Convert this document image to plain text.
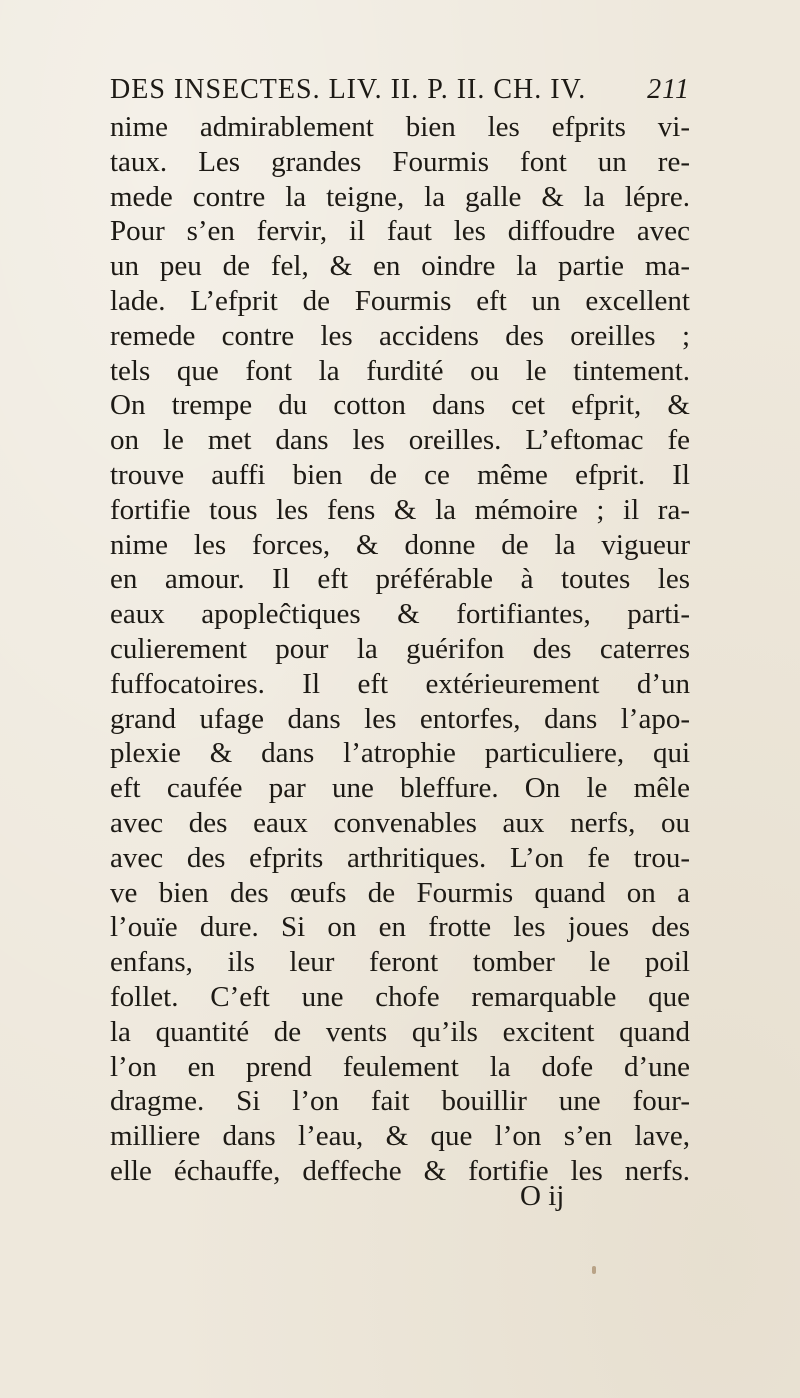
DES INSECTES. LIV. II. P. II. CH. IV. 211
nime admirablement bien les efprits vi-
taux. Les grandes Fourmis font un re-
mede contre la teigne, la galle & la lépre.
Pour s’en fervir, il faut les diffoudre avec
un peu de fel, & en oindre la partie ma-
lade. L’efprit de Fourmis eft un excellent
remede contre les accidens des oreilles ;
tels que font la furdité ou le tintement.
On trempe du cotton dans cet efprit, &
on le met dans les oreilles. L’eftomac fe
trouve auffi bien de ce même efprit. Il
fortifie tous les fens & la mémoire ; il ra-
nime les forces, & donne de la vigueur
en amour. Il eft préférable à toutes les
eaux apopleĉtiques & fortifiantes, parti-
culierement pour la guérifon des caterres
fuffocatoires. Il eft extérieurement d’un
grand ufage dans les entorfes, dans l’apo-
plexie & dans l’atrophie particuliere, qui
eft caufée par une bleffure. On le mêle
avec des eaux convenables aux nerfs, ou
avec des efprits arthritiques. L’on fe trou-
ve bien des œufs de Fourmis quand on a
l’ouïe dure. Si on en frotte les joues des
enfans, ils leur feront tomber le poil
follet. C’eft une chofe remarquable que
la quantité de vents qu’ils excitent quand
l’on en prend feulement la dofe d’une
dragme. Si l’on fait bouillir une four-
milliere dans l’eau, & que l’on s’en lave,
elle échauffe, deffeche & fortifie les nerfs.
O ij
